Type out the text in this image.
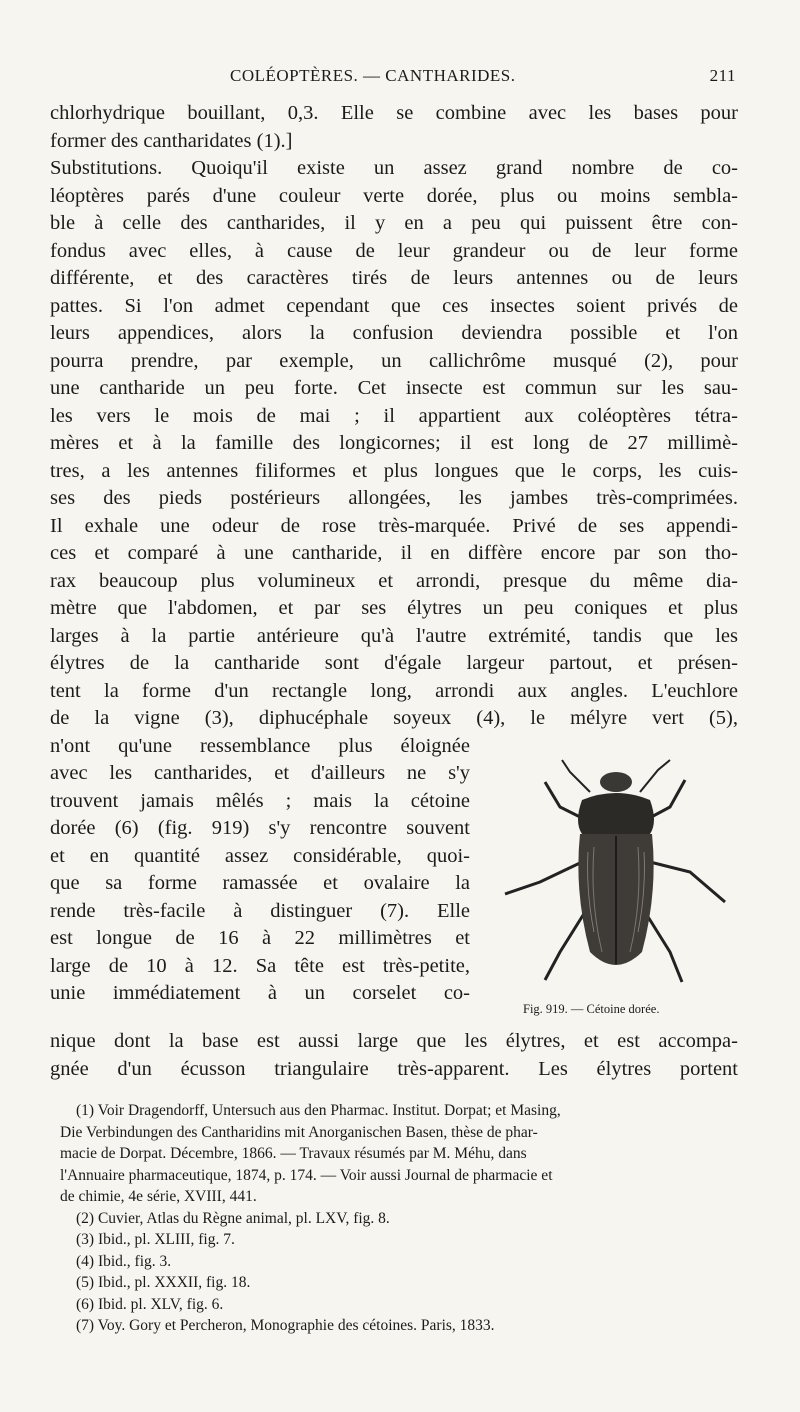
COLÉOPTÈRES. — CANTHARIDES.	211
chlorhydrique bouillant, 0,3. Elle se combine avec les bases pour
former des cantharidates (1).]
Substitutions. Quoiqu'il existe un assez grand nombre de co-
léoptères parés d'une couleur verte dorée, plus ou moins sembla-
ble à celle des cantharides, il y en a peu qui puissent être con-
fondus avec elles, à cause de leur grandeur ou de leur forme
différente, et des caractères tirés de leurs antennes ou de leurs
pattes. Si l'on admet cependant que ces insectes soient privés de
leurs appendices, alors la confusion deviendra possible et l'on
pourra prendre, par exemple, un callichrôme musqué (2), pour
une cantharide un peu forte. Cet insecte est commun sur les sau-
les vers le mois de mai ; il appartient aux coléoptères tétra-
mères et à la famille des longicornes; il est long de 27 millimè-
tres, a les antennes filiformes et plus longues que le corps, les cuis-
ses des pieds postérieurs allongées, les jambes très-comprimées.
Il exhale une odeur de rose très-marquée. Privé de ses appendi-
ces et comparé à une cantharide, il en diffère encore par son tho-
rax beaucoup plus volumineux et arrondi, presque du même dia-
mètre que l'abdomen, et par ses élytres un peu coniques et plus
larges à la partie antérieure qu'à l'autre extrémité, tandis que les
élytres de la cantharide sont d'égale largeur partout, et présen-
tent la forme d'un rectangle long, arrondi aux angles. L'euchlore
de la vigne (3), diphucéphale soyeux (4), le mélyre vert (5),
n'ont qu'une ressemblance plus éloignée
avec les cantharides, et d'ailleurs ne s'y
trouvent jamais mêlés ; mais la cétoine
dorée (6) (fig. 919) s'y rencontre souvent
et en quantité assez considérable, quoi-
que sa forme ramassée et ovalaire la
rende très-facile à distinguer (7). Elle
est longue de 16 à 22 millimètres et
large de 10 à 12. Sa tête est très-petite,
unie immédiatement à un corselet co-
Fig. 919. — Cétoine dorée.
nique dont la base est aussi large que les élytres, et est accompa-
gnée d'un écusson triangulaire très-apparent. Les élytres portent
(1) Voir Dragendorff, Untersuch aus den Pharmac. Institut. Dorpat; et Masing,
Die Verbindungen des Cantharidins mit Anorganischen Basen, thèse de phar-
macie de Dorpat. Décembre, 1866. — Travaux résumés par M. Méhu, dans
l'Annuaire pharmaceutique, 1874, p. 174. — Voir aussi Journal de pharmacie et
de chimie, 4e série, XVIII, 441.
(2) Cuvier, Atlas du Règne animal, pl. LXV, fig. 8.
(3) Ibid., pl. XLIII, fig. 7.
(4) Ibid., fig. 3.
(5) Ibid., pl. XXXII, fig. 18.
(6) Ibid. pl. XLV, fig. 6.
(7) Voy. Gory et Percheron, Monographie des cétoines. Paris, 1833.
